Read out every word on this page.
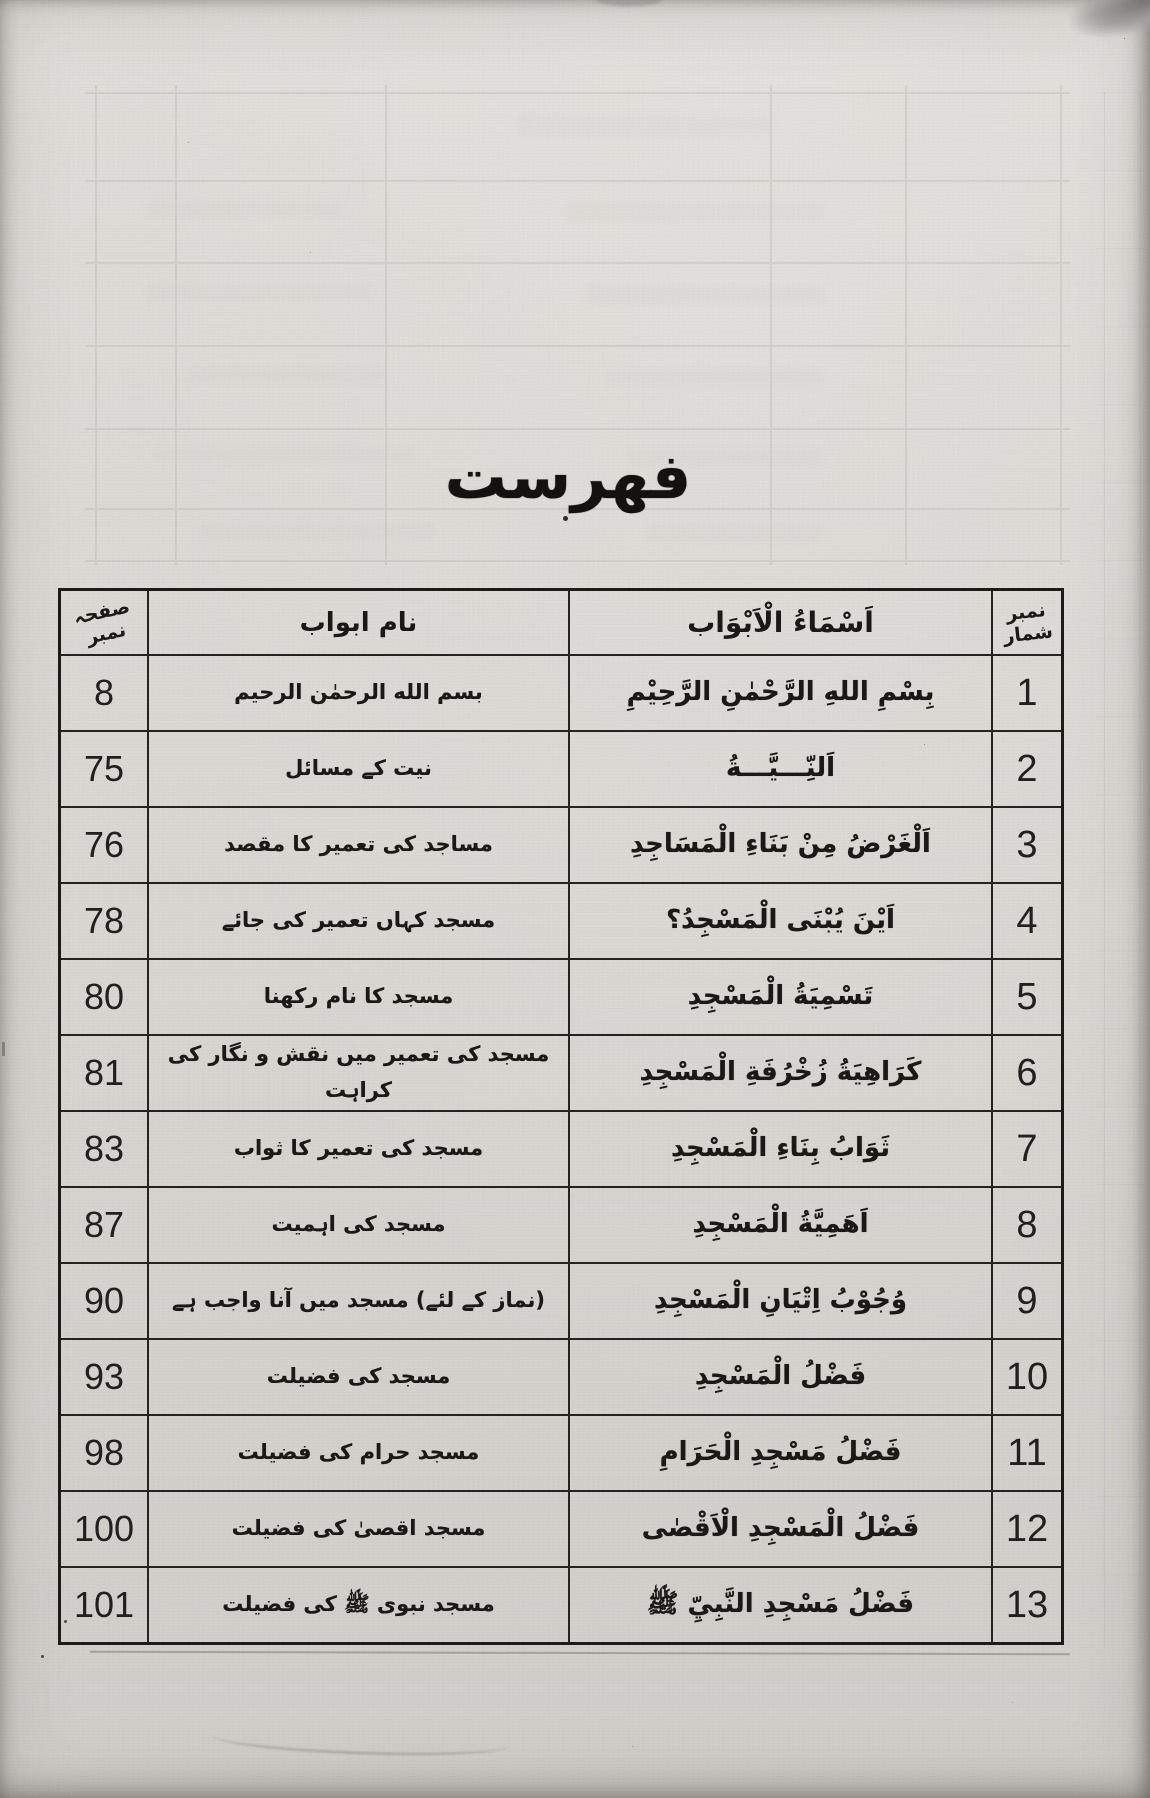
فهرست
نمبر شمار	اَسْمَاءُ الْاَبْوَاب	نام ابواب	صفحہ نمبر
1	بِسْمِ اللهِ الرَّحْمٰنِ الرَّحِيْمِ	بسم الله الرحمٰن الرحیم	8
2	اَلنِّـــيَّـــةُ	نیت کے مسائل	75
3	اَلْغَرْضُ مِنْ بَنَاءِ الْمَسَاجِدِ	مساجد کی تعمیر کا مقصد	76
4	اَيْنَ يُبْنَى الْمَسْجِدُ؟	مسجد کہاں تعمیر کی جائے	78
5	تَسْمِيَةُ الْمَسْجِدِ	مسجد کا نام رکھنا	80
6	كَرَاهِيَةُ زُخْرُفَةِ الْمَسْجِدِ	مسجد کی تعمیر میں نقش و نگار کی کراہت	81
7	ثَوَابُ بِنَاءِ الْمَسْجِدِ	مسجد کی تعمیر کا ثواب	83
8	اَهَمِيَّةُ الْمَسْجِدِ	مسجد کی اہمیت	87
9	وُجُوْبُ اِتْيَانِ الْمَسْجِدِ	(نماز کے لئے) مسجد میں آنا واجب ہے	90
10	فَضْلُ الْمَسْجِدِ	مسجد کی فضیلت	93
11	فَضْلُ مَسْجِدِ الْحَرَامِ	مسجد حرام کی فضیلت	98
12	فَضْلُ الْمَسْجِدِ الْاَقْصٰى	مسجد اقصیٰ کی فضیلت	100
13	فَضْلُ مَسْجِدِ النَّبِيِّ ﷺ	مسجد نبوی ﷺ کی فضیلت	101
